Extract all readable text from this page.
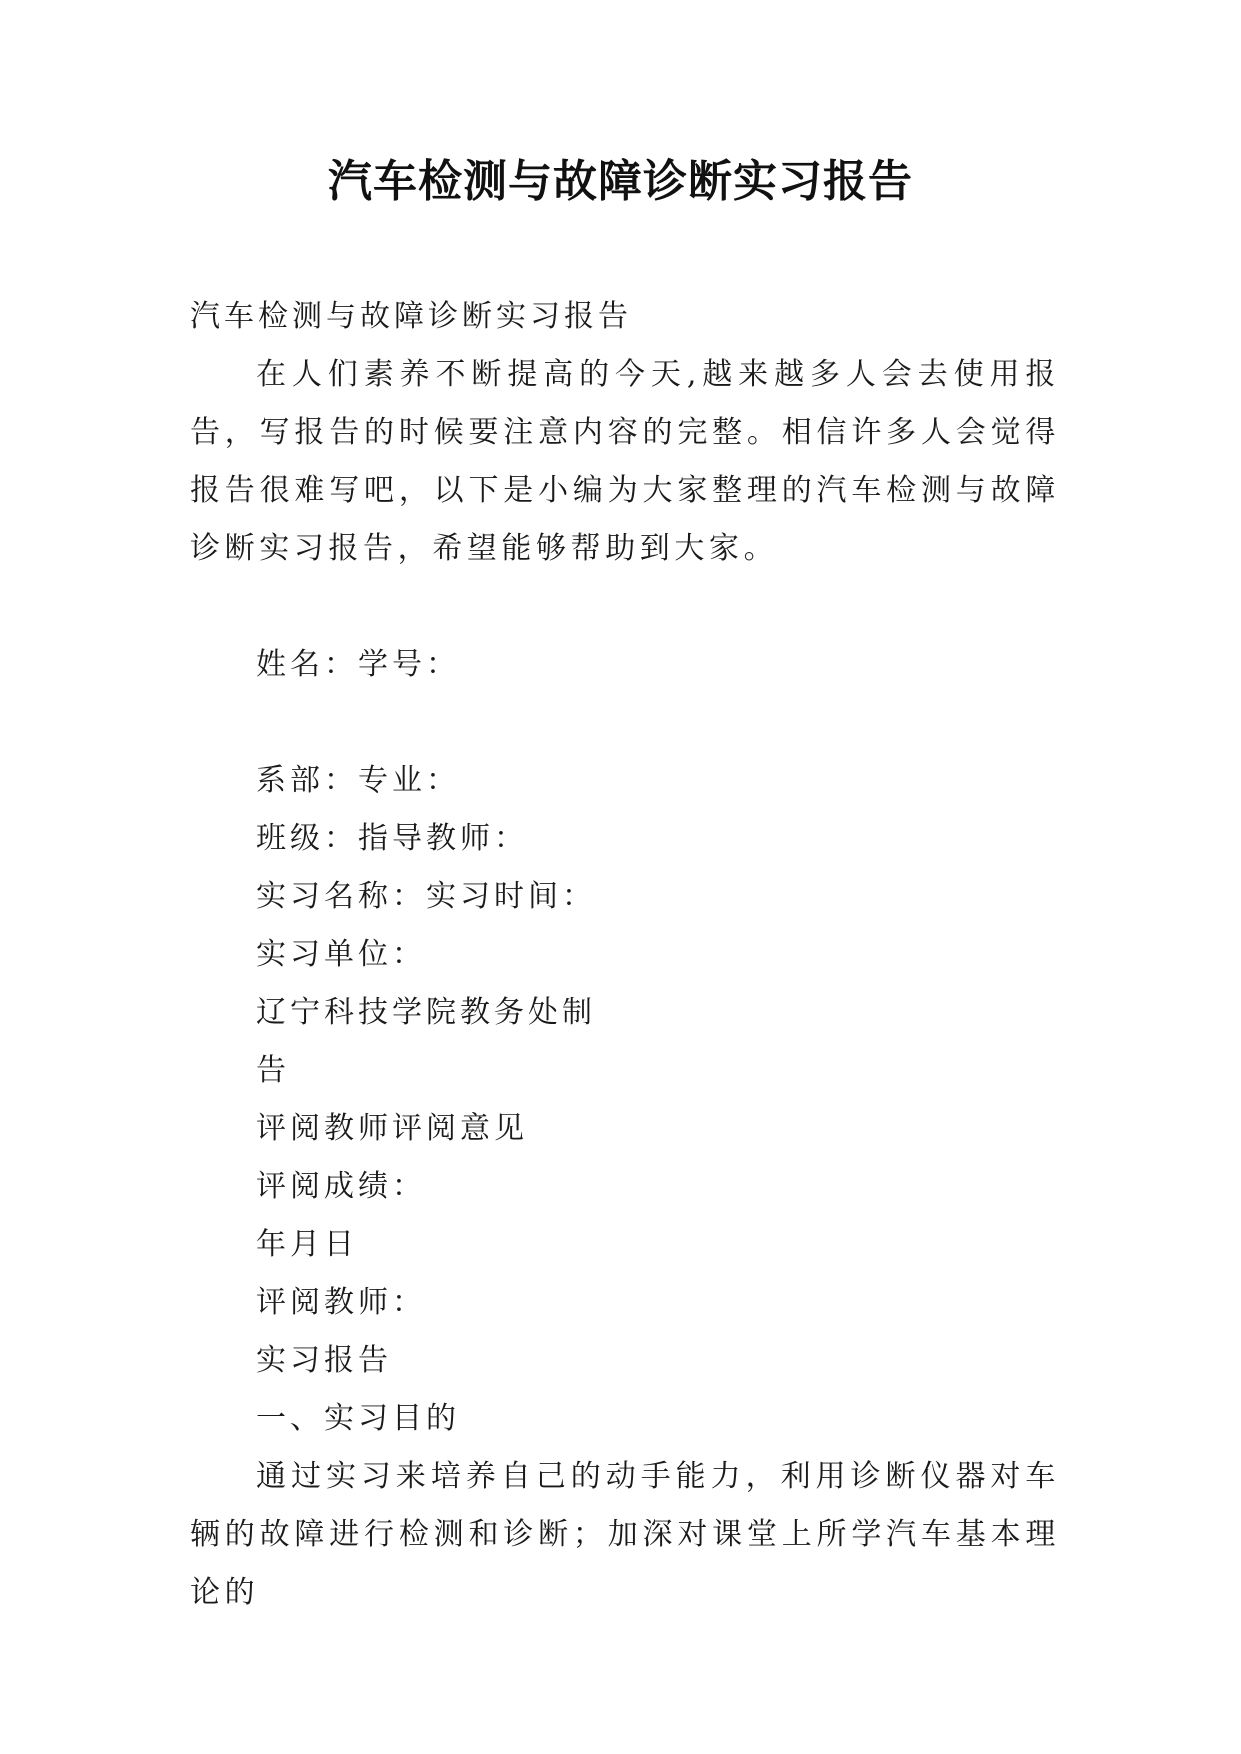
汽车检测与故障诊断实习报告
汽车检测与故障诊断实习报告
在人们素养不断提高的今天,越来越多人会去使用报告，写报告的时候要注意内容的完整。相信许多人会觉得报告很难写吧，以下是小编为大家整理的汽车检测与故障诊断实习报告，希望能够帮助到大家。
姓名：学号：
系部：专业：
班级：指导教师：
实习名称：实习时间：
实习单位：
辽宁科技学院教务处制
告
评阅教师评阅意见
评阅成绩：
年月日
评阅教师：
实习报告
一、实习目的
通过实习来培养自己的动手能力，利用诊断仪器对车辆的故障进行检测和诊断；加深对课堂上所学汽车基本理论的
